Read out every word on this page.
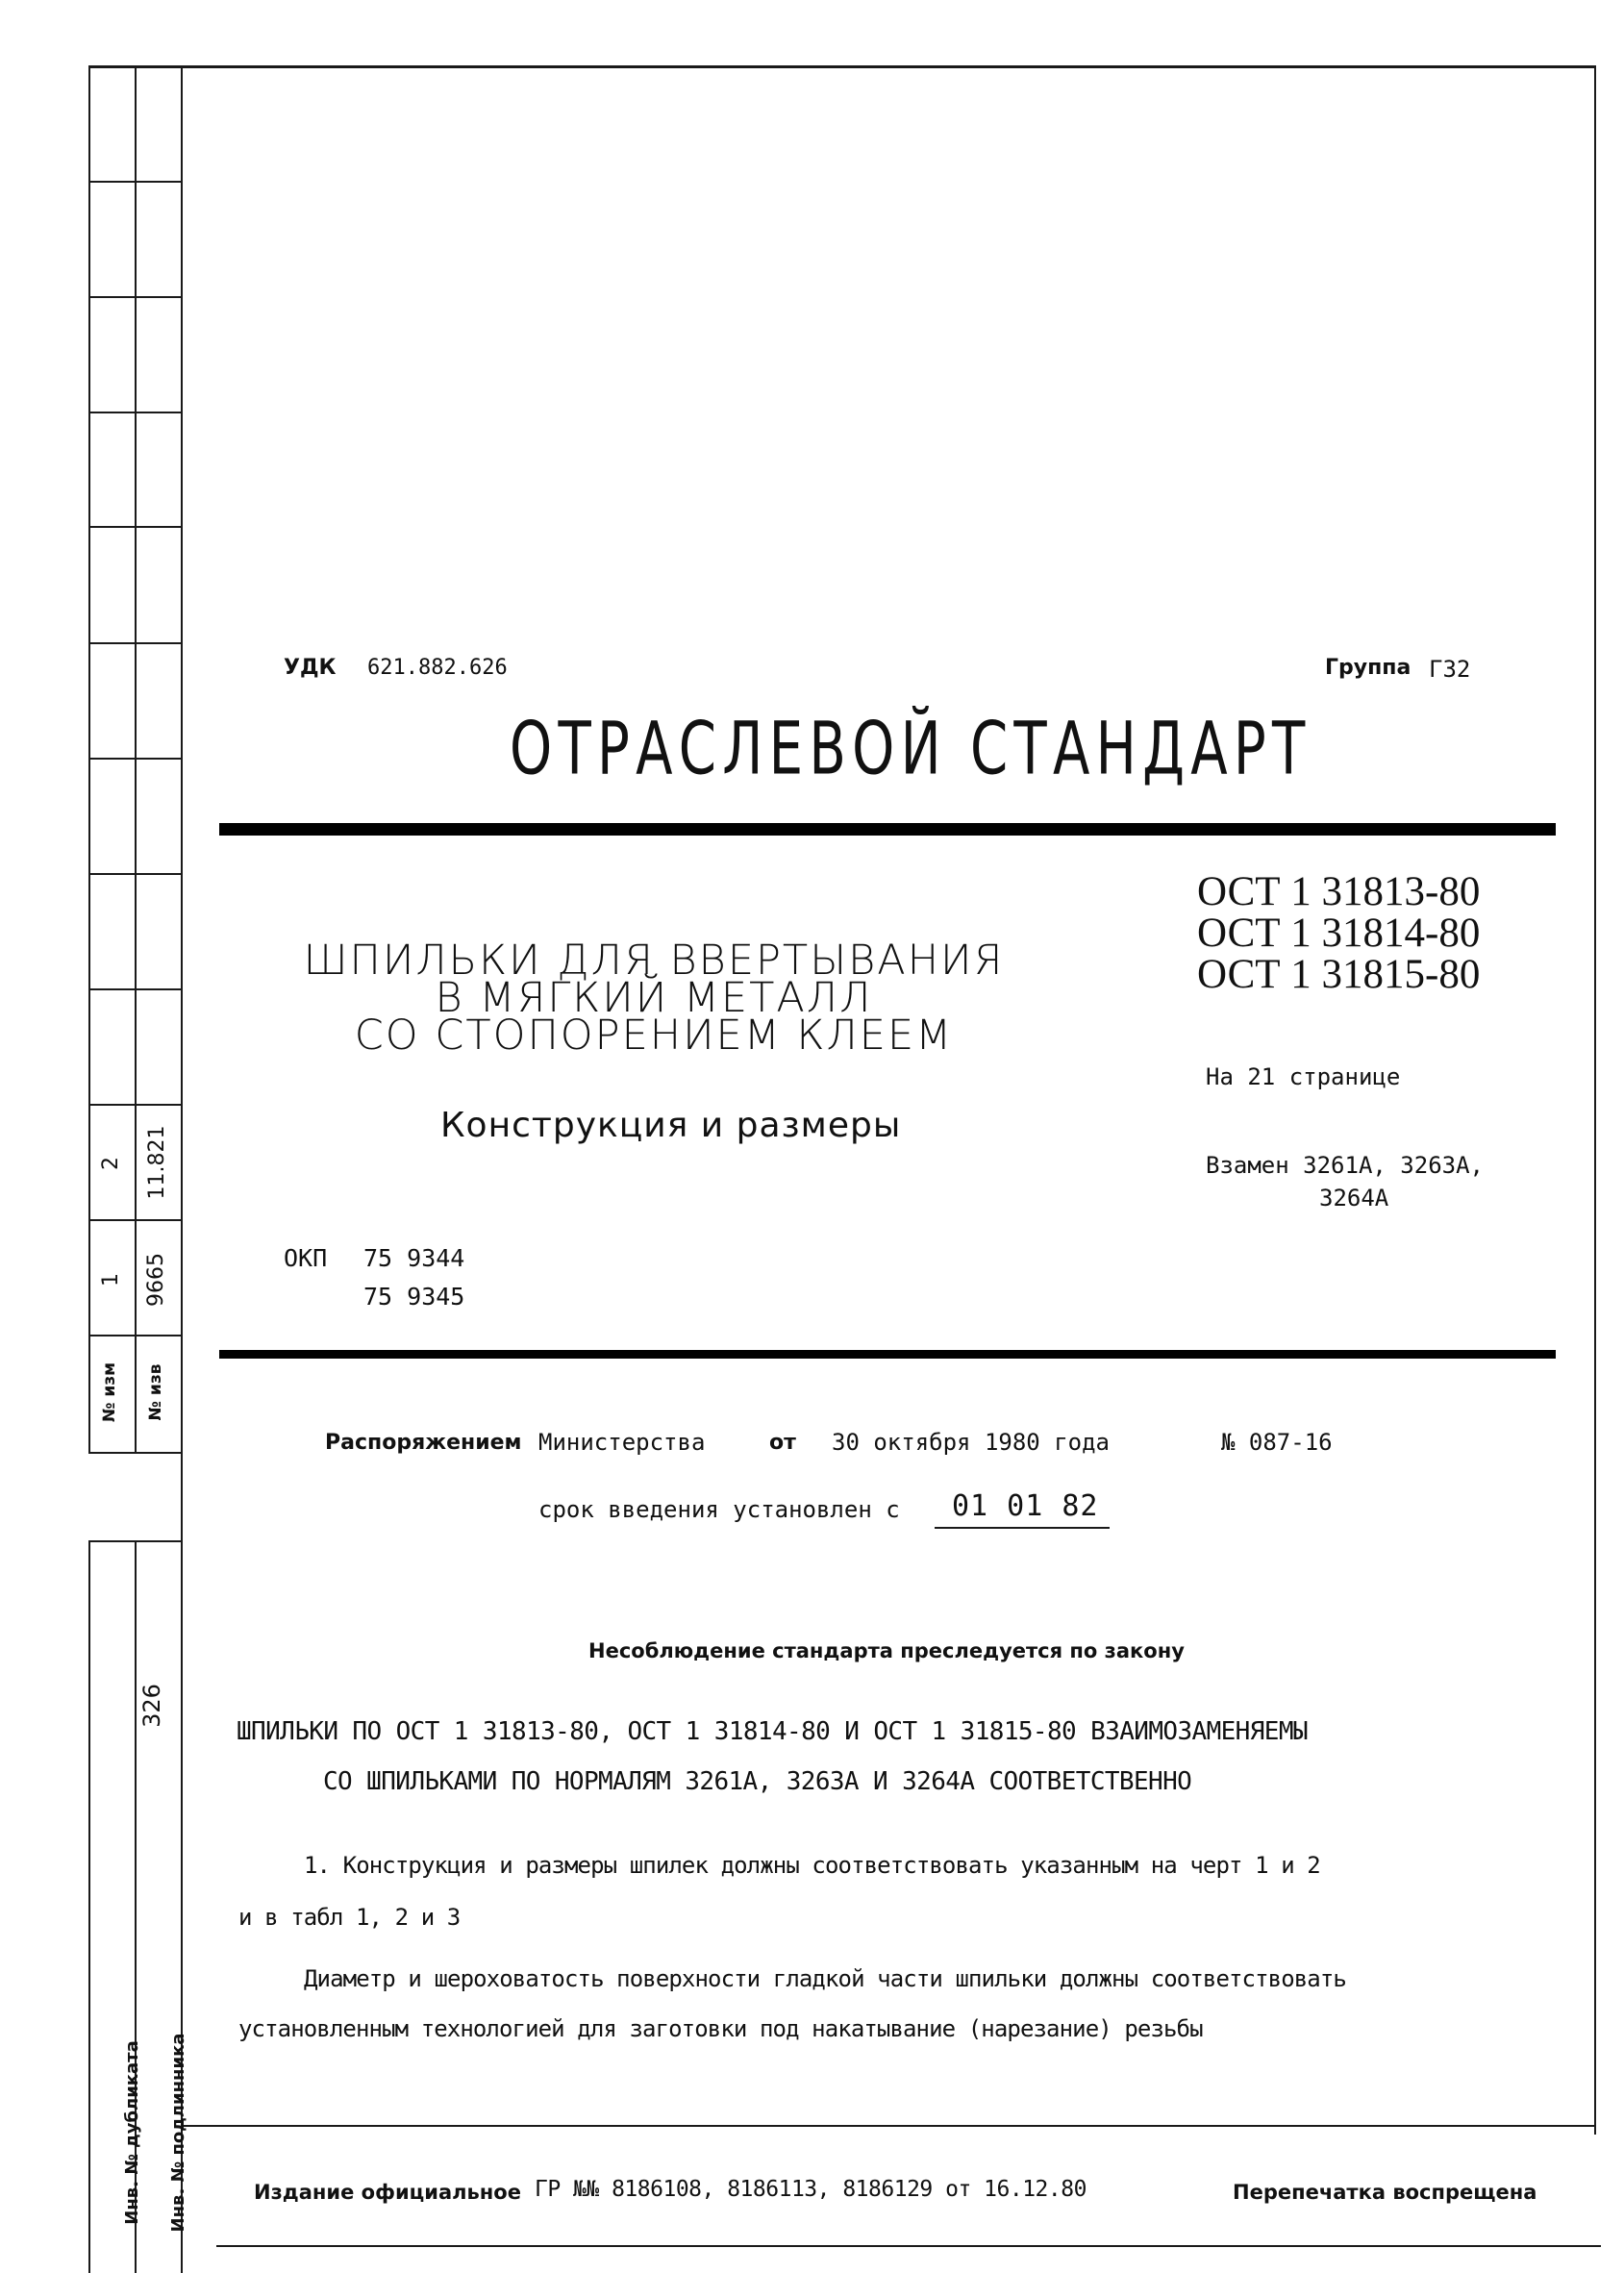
2 11.821
1 9665
№ изм № изв
326
Инв. № дубликата Инв. № подлинника
УДК 621.882.626	Группа Г32
ОТРАСЛЕВОЙ СТАНДАРТ

ШПИЛЬКИ ДЛЯ ВВЕРТЫВАНИЯ

В МЯГКИЙ МЕТАЛЛ

СО СТОПОРЕНИЕМ КЛЕЕМ

Конструкция и размеры

ОСТ 1 31813-80

ОСТ 1 31814-80

ОСТ 1 31815-80

На 21 странице
Взамен 3261А, 3263А,
3264А
ОКП 75 9344
75 9345
Распоряжением Министерства	от 30 октября 1980 года	№ 087-16
срок введения установлен с 01 01 82
Несоблюдение стандарта преследуется по закону
ШПИЛЬКИ ПО ОСТ 1 31813-80, ОСТ 1 31814-80 И ОСТ 1 31815-80 ВЗАИМОЗАМЕНЯЕМЫ
СО ШПИЛЬКАМИ ПО НОРМАЛЯМ 3261А, 3263А И 3264А СООТВЕТСТВЕННО
1. Конструкция и размеры шпилек должны соответствовать указанным на черт 1 и 2
и в табл 1, 2 и 3
Диаметр и шероховатость поверхности гладкой части шпильки должны соответствовать
установленным технологией для заготовки под накатывание (нарезание) резьбы
Издание официальное ГР №№ 8186108, 8186113, 8186129 от 16.12.80	Перепечатка воспрещена
